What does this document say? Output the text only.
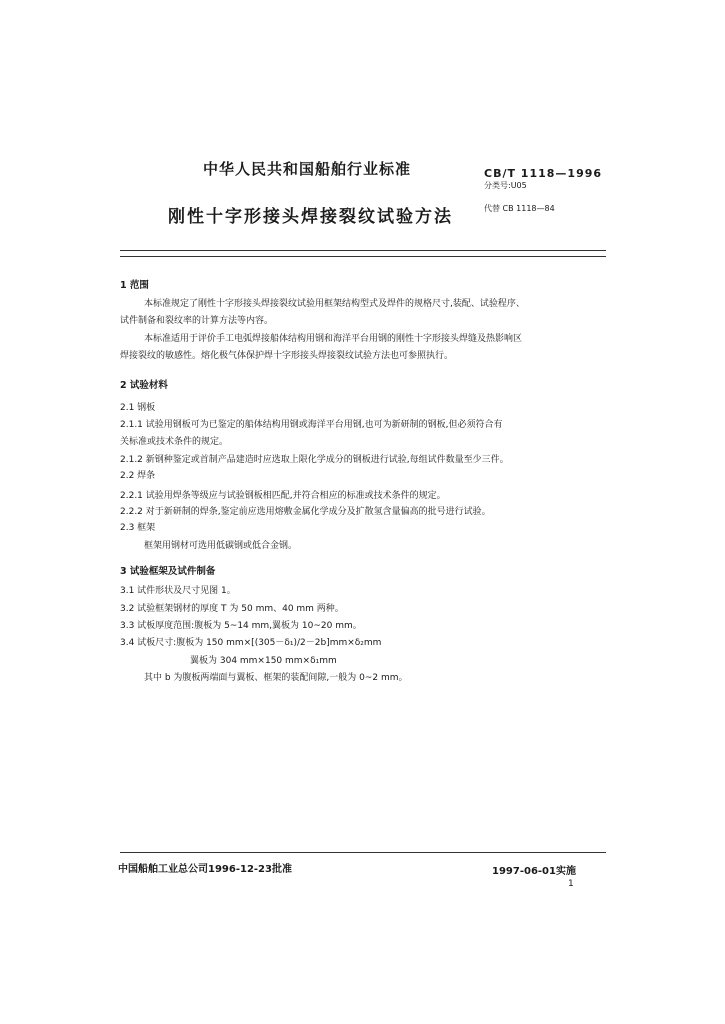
中华人民共和国船舶行业标准	CB/T 1118—1996
分类号:U05
刚性十字形接头焊接裂纹试验方法	代替 CB 1118—84
1 范围
本标准规定了刚性十字形接头焊接裂纹试验用框架结构型式及焊件的规格尺寸,装配、试验程序、
试件制备和裂纹率的计算方法等内容。
本标准适用于评价手工电弧焊接船体结构用钢和海洋平台用钢的刚性十字形接头焊缝及热影响区
焊接裂纹的敏感性。熔化极气体保护焊十字形接头焊接裂纹试验方法也可参照执行。
2 试验材料
2.1 钢板
2.1.1 试验用钢板可为已鉴定的船体结构用钢或海洋平台用钢,也可为新研制的钢板,但必须符合有
关标准或技术条件的规定。
2.1.2 新钢种鉴定或首制产品建造时应选取上限化学成分的钢板进行试验,每组试件数量至少三件。
2.2 焊条
2.2.1 试验用焊条等级应与试验钢板相匹配,并符合相应的标准或技术条件的规定。
2.2.2 对于新研制的焊条,鉴定前应选用熔敷金属化学成分及扩散氢含量偏高的批号进行试验。
2.3 框架
框架用钢材可选用低碳钢或低合金钢。
3 试验框架及试件制备
3.1 试件形状及尺寸见图 1。
3.2 试验框架钢材的厚度 T 为 50 mm、40 mm 两种。
3.3 试板厚度范围:腹板为 5~14 mm,翼板为 10~20 mm。
3.4 试板尺寸:腹板为 150 mm×[(305－δ₁)/2－2b]mm×δ₂mm
翼板为 304 mm×150 mm×δ₁mm
其中 b 为腹板两端面与翼板、框架的装配间隙,一般为 0~2 mm。
中国船舶工业总公司1996-12-23批准	1997-06-01实施
1
